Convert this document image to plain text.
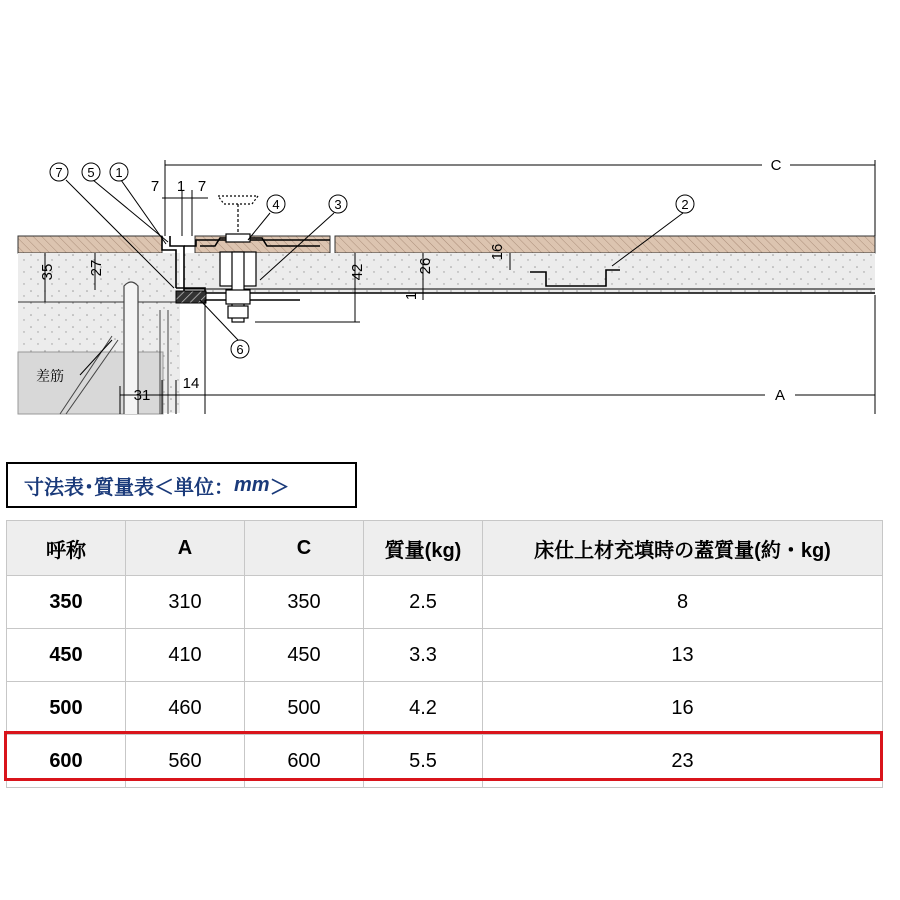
7 5 1
4	3	2
6
7 1 7
C
A
31
14
35 27	42	26
16
1
差筋
寸法表･質量表＜単位： mm ＞
呼称	A	C	質量(kg)	床仕上材充填時の蓋質量(約・kg)
350	310	350	2.5	8
450	410	450	3.3	13
500	460	500	4.2	16
600	560	600	5.5	23
